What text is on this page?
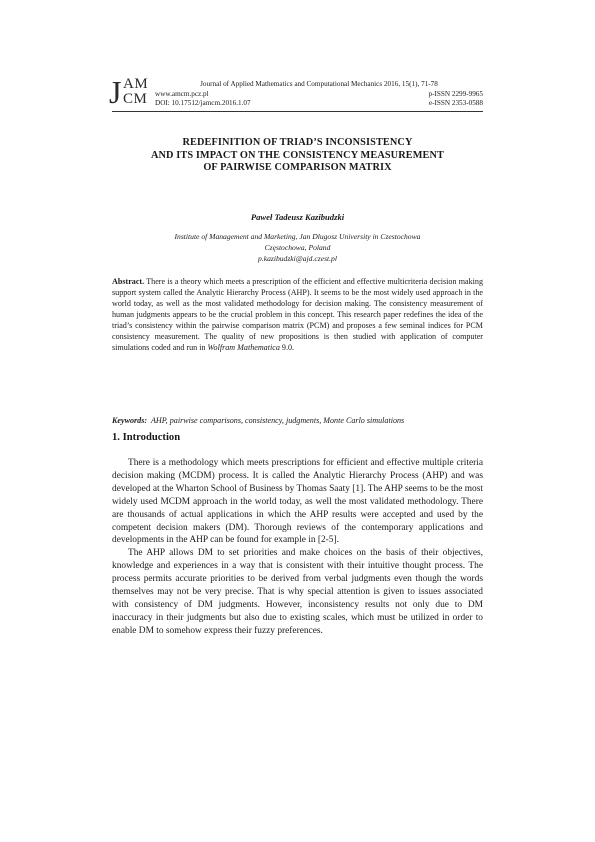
J AM
CM
Journal of Applied Mathematics and Computational Mechanics 2016, 15(1), 71-78
www.amcm.pcz.pl	p-ISSN 2299-9965
DOI: 10.17512/jamcm.2016.1.07	e-ISSN 2353-0588
REDEFINITION OF TRIAD’S INCONSISTENCY
AND ITS IMPACT ON THE CONSISTENCY MEASUREMENT
OF PAIRWISE COMPARISON MATRIX
Paweł Tadeusz Kazibudzki
Institute of Management and Marketing, Jan Dlugosz University in Czestochowa
Częstochowa, Poland
p.kazibudzki@ajd.czest.pl
Abstract. There is a theory which meets a prescription of the efficient and effective multicriteria decision making support system called the Analytic Hierarchy Process (AHP). It seems to be the most widely used approach in the world today, as well as the most validated methodology for decision making. The consistency measurement of human judgments appears to be the crucial problem in this concept. This research paper redefines the idea of the triad’s consistency within the pairwise comparison matrix (PCM) and proposes a few seminal indices for PCM consistency measurement. The quality of new propositions is then studied with application of computer simulations coded and run in Wolfram Mathematica 9.0.
Keywords: AHP, pairwise comparisons, consistency, judgments, Monte Carlo simulations
1. Introduction

There is a methodology which meets prescriptions for efficient and effective multiple criteria decision making (MCDM) process. It is called the Analytic Hierarchy Process (AHP) and was developed at the Wharton School of Business by Thomas Saaty [1]. The AHP seems to be the most widely used MCDM approach in the world today, as well the most validated methodology. There are thousands of actual applications in which the AHP results were accepted and used by the competent decision makers (DM). Thorough reviews of the contemporary applications and developments in the AHP can be found for example in [2-5].

The AHP allows DM to set priorities and make choices on the basis of their objectives, knowledge and experiences in a way that is consistent with their intuitive thought process. The process permits accurate priorities to be derived from verbal judgments even though the words themselves may not be very precise. That is why special attention is given to issues associated with consistency of DM judgments. However, inconsistency results not only due to DM inaccuracy in their judgments but also due to existing scales, which must be utilized in order to enable DM to somehow express their fuzzy preferences.
